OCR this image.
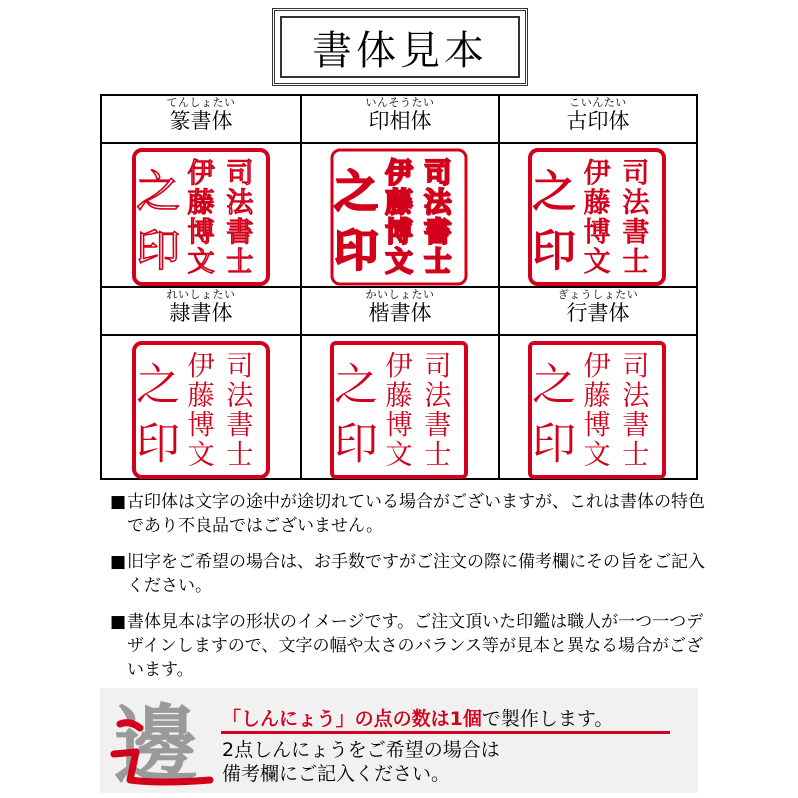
書体見本
てんしょたい
篆書体
いんそうたい
印相体
こいんたい
古印体
れいしょたい
隷書体
かいしょたい
楷書体
ぎょうしょたい
行書体
司
法
書
士
伊
藤
博
文
之
印
司
法
書
士
伊
藤
博
文
之
印
司
法
書
士
伊
藤
博
文
之
印
司
法
書
士
伊
藤
博
文
之
印
司
法
書
士
伊
藤
博
文
之
印
司
法
書
士
伊
藤
博
文
之
印
■ 古印体は文字の途中が途切れている場合がございますが、これは書体の特色であり不良品ではございません。
■ 旧字をご希望の場合は、お手数ですがご注文の際に備考欄にその旨をご記入ください。
■ 書体見本は字の形状のイメージです。ご注文頂いた印鑑は職人が一つ一つデザインしますので、文字の幅や太さのバランス等が見本と異なる場合がございます。
邊 「しんにょう」の点の数は1個で製作します。
2点しんにょうをご希望の場合は
備考欄にご記入ください。
